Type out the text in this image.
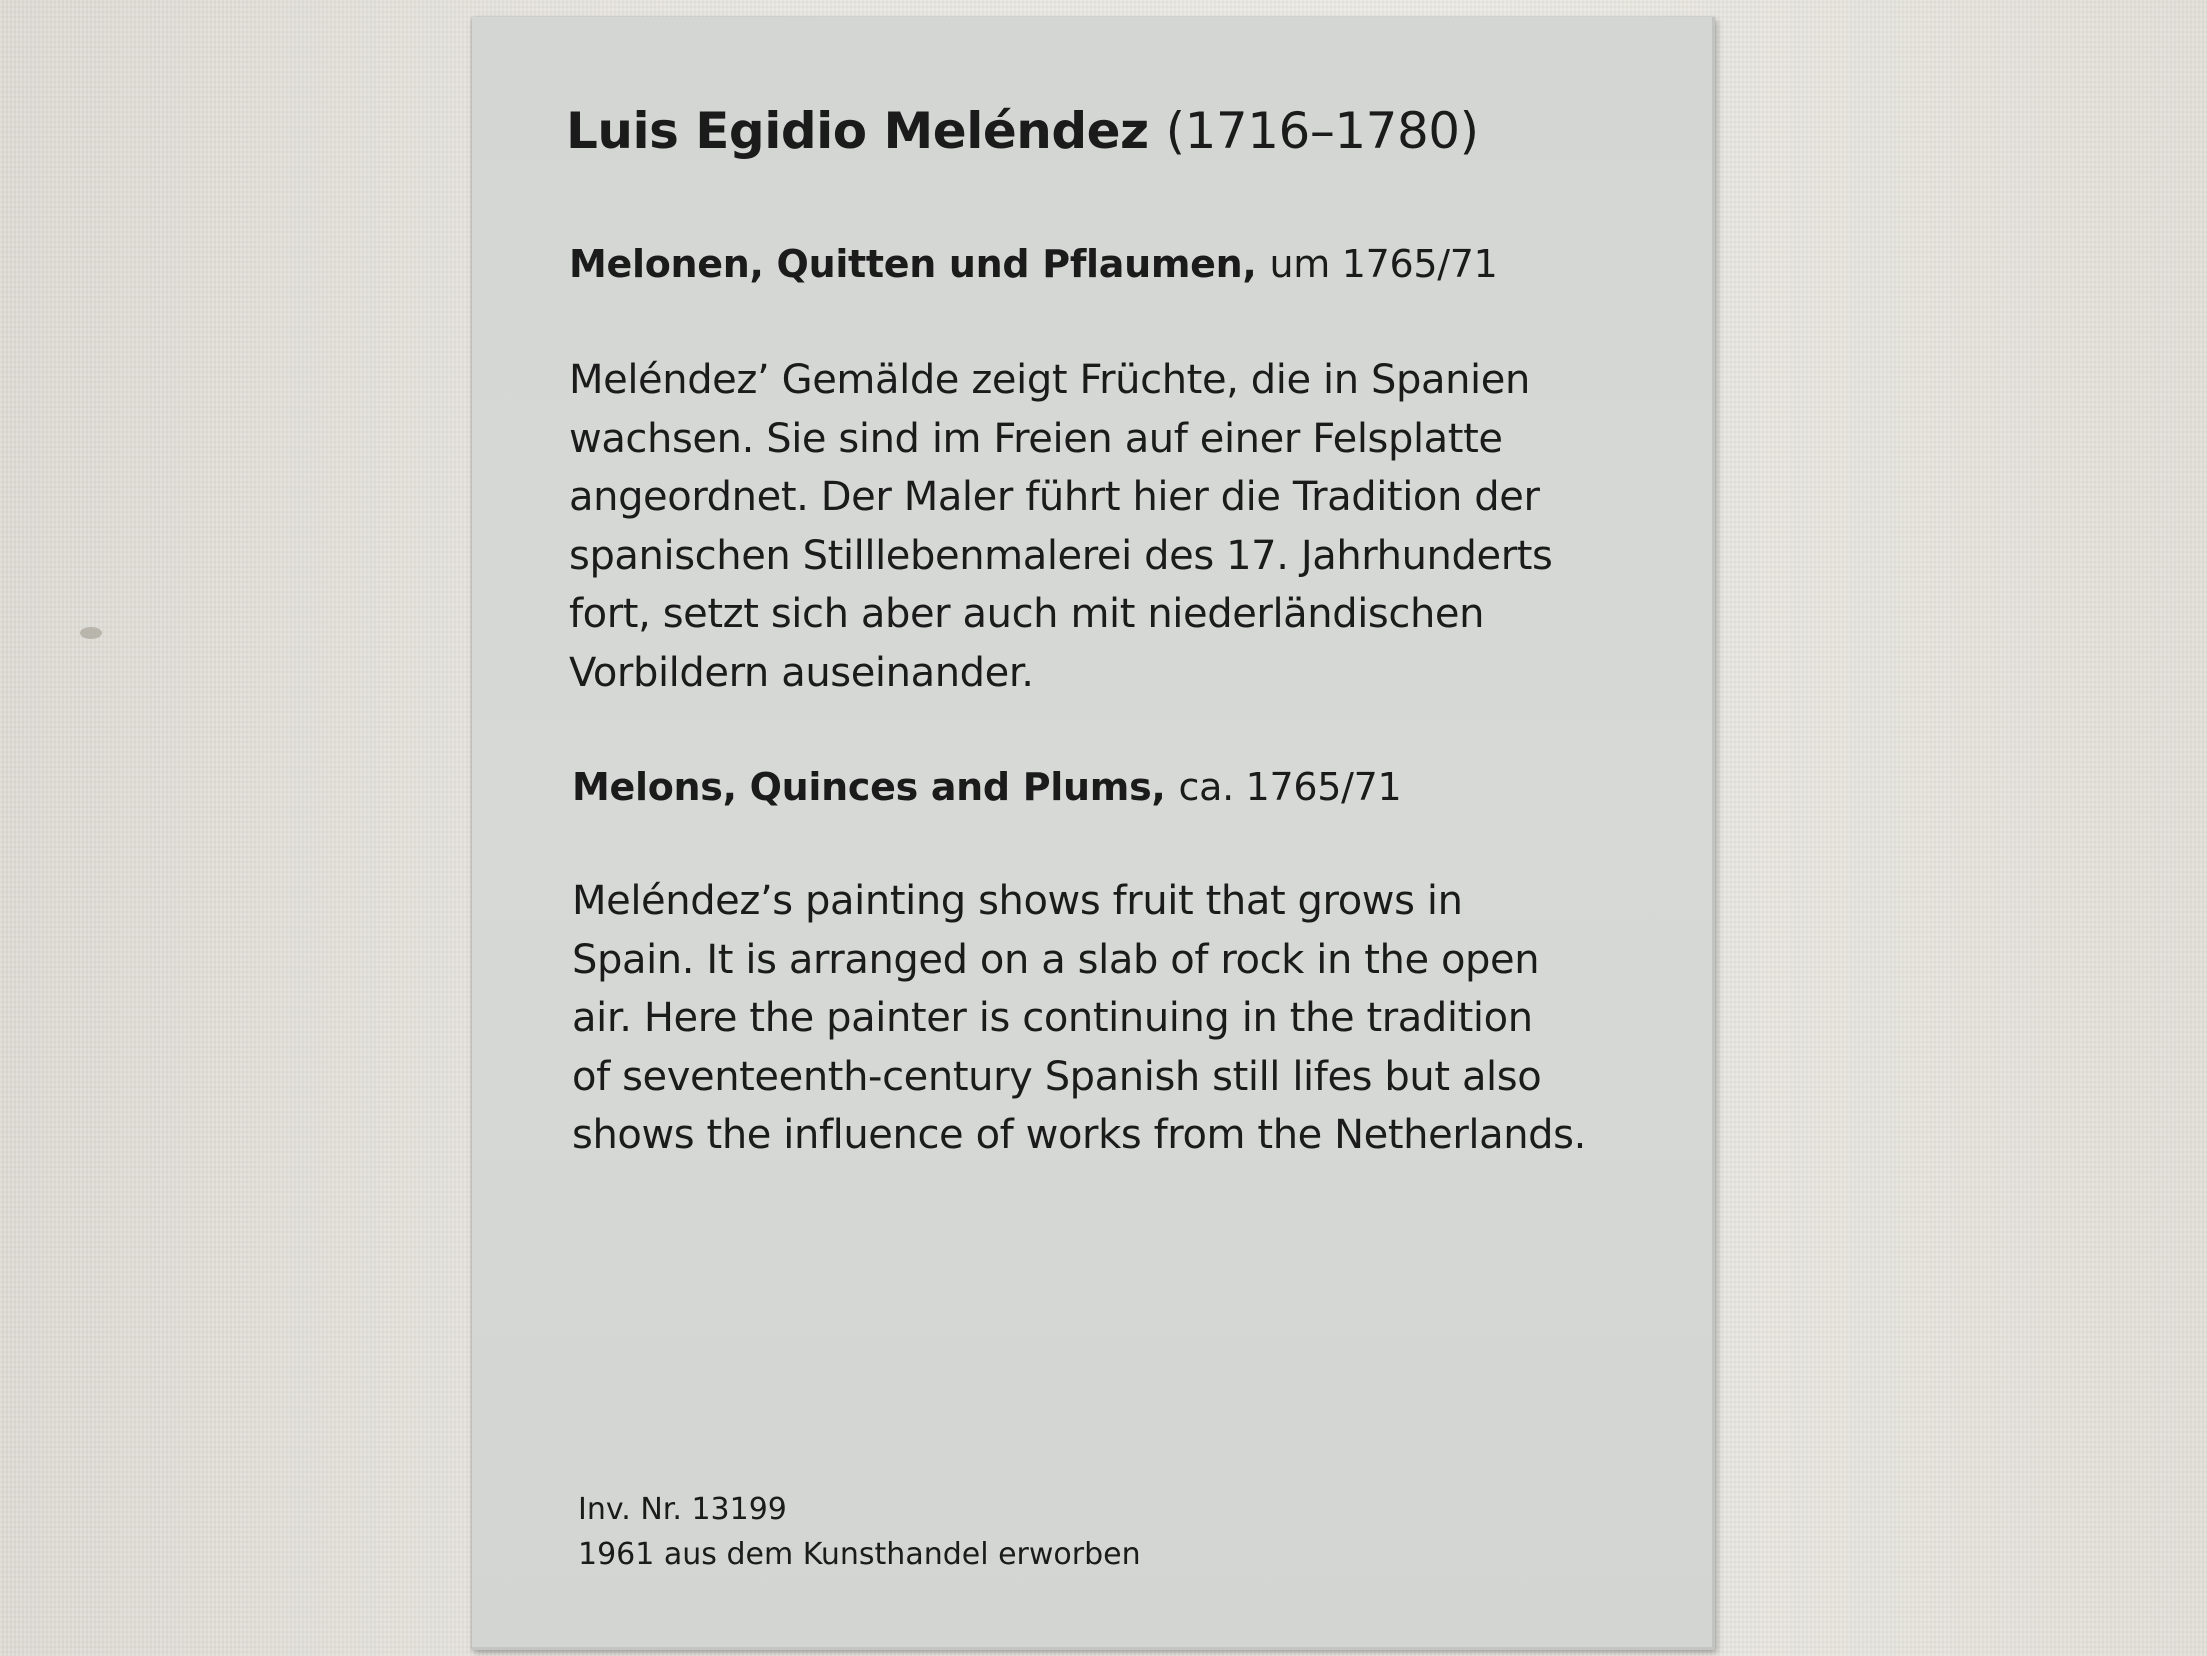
Luis Egidio Meléndez (1716–1780)
Melonen, Quitten und Pflaumen, um 1765/71
Meléndez’ Gemälde zeigt Früchte, die in Spanien
wachsen. Sie sind im Freien auf einer Felsplatte
angeordnet. Der Maler führt hier die Tradition der
spanischen Stilllebenmalerei des 17. Jahrhunderts
fort, setzt sich aber auch mit niederländischen
Vorbildern auseinander.
Melons, Quinces and Plums, ca. 1765/71
Meléndez’s painting shows fruit that grows in
Spain. It is arranged on a slab of rock in the open
air. Here the painter is continuing in the tradition
of seventeenth-century Spanish still lifes but also
shows the influence of works from the Netherlands.
Inv. Nr. 13199
1961 aus dem Kunsthandel erworben
